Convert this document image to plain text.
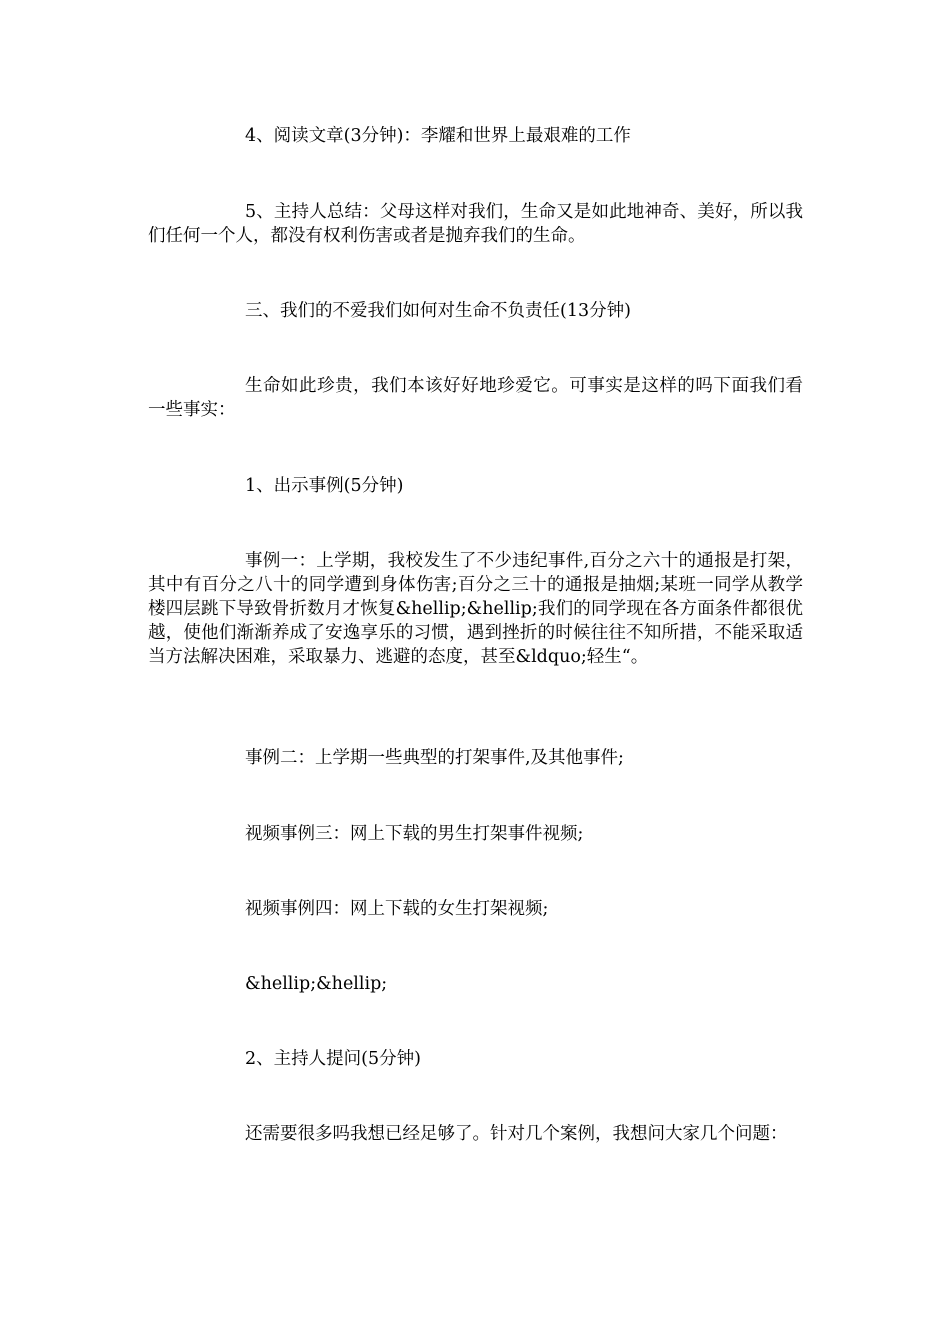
4、阅读文章(3分钟)：李耀和世界上最艰难的工作

5、主持人总结：父母这样对我们，生命又是如此地神奇、美好，所以我们任何一个人，都没有权利伤害或者是抛弃我们的生命。

三、我们的不爱我们如何对生命不负责任(13分钟)

生命如此珍贵，我们本该好好地珍爱它。可事实是这样的吗下面我们看一些事实：

1、出示事例(5分钟)

事例一：上学期，我校发生了不少违纪事件,百分之六十的通报是打架，其中有百分之八十的同学遭到身体伤害;百分之三十的通报是抽烟;某班一同学从教学楼四层跳下导致骨折数月才恢复&hellip;&hellip;我们的同学现在各方面条件都很优越，使他们渐渐养成了安逸享乐的习惯，遇到挫折的时候往往不知所措，不能采取适当方法解决困难，采取暴力、逃避的态度，甚至&ldquo;轻生“。

事例二：上学期一些典型的打架事件,及其他事件;

视频事例三：网上下载的男生打架事件视频;

视频事例四：网上下载的女生打架视频;

&hellip;&hellip;

2、主持人提问(5分钟)

还需要很多吗我想已经足够了。针对几个案例，我想问大家几个问题：
